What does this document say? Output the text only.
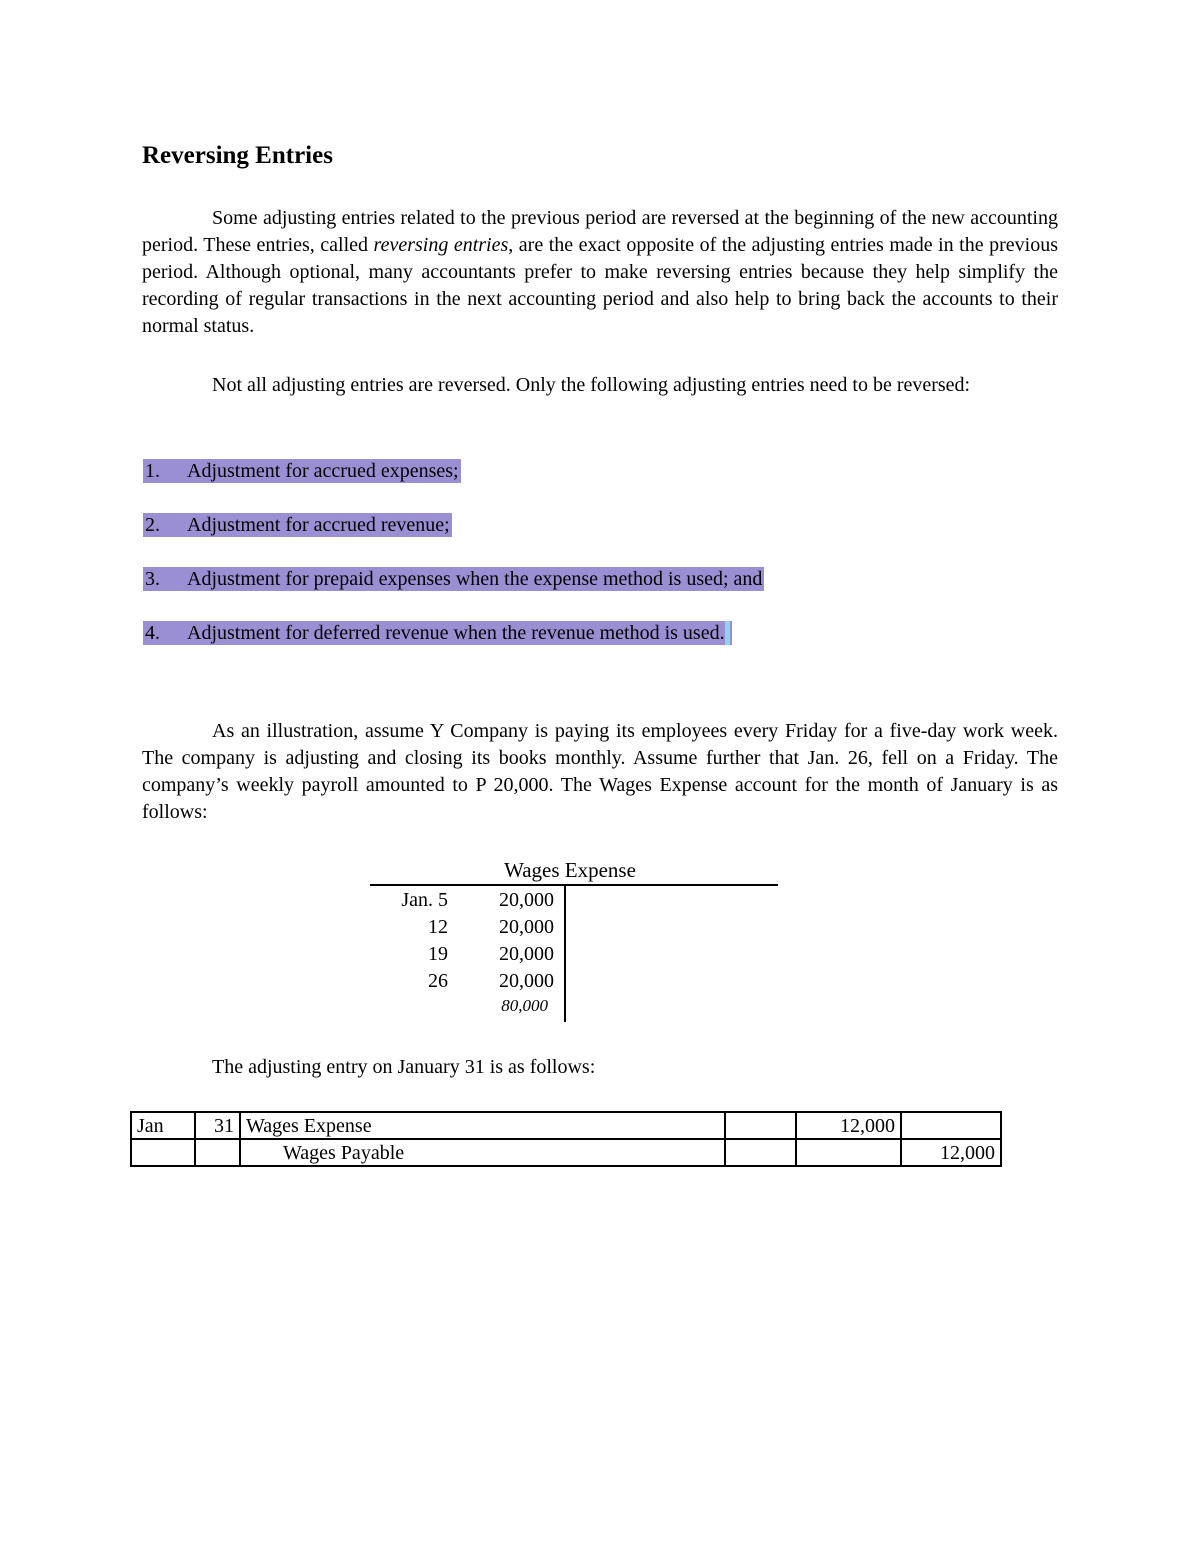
Reversing Entries

Some adjusting entries related to the previous period are reversed at the beginning of the new accounting period. These entries, called reversing entries, are the exact opposite of the adjusting entries made in the previous period. Although optional, many accountants prefer to make reversing entries because they help simplify the recording of regular transactions in the next accounting period and also help to bring back the accounts to their normal status.

Not all adjusting entries are reversed. Only the following adjusting entries need to be reversed:

1. Adjustment for accrued expenses;
2. Adjustment for accrued revenue;
3. Adjustment for prepaid expenses when the expense method is used; and
4. Adjustment for deferred revenue when the revenue method is used.

As an illustration, assume Y Company is paying its employees every Friday for a five-day work week. The company is adjusting and closing its books monthly. Assume further that Jan. 26, fell on a Friday. The company’s weekly payroll amounted to P 20,000. The Wages Expense account for the month of January is as follows:

Wages Expense
Jan. 5	20,000
12	20,000
19	20,000
26	20,000
80,000

The adjusting entry on January 31 is as follows:

Jan	31	Wages Expense		12,000	
		Wages Payable			12,000
